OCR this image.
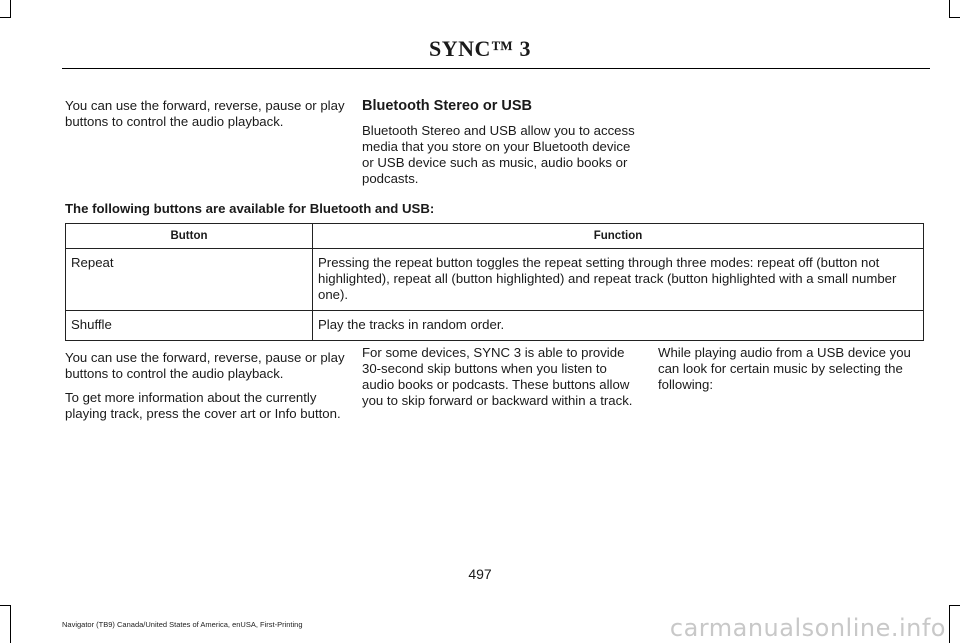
SYNC™ 3

You can use the forward, reverse, pause or play buttons to control the audio playback.

Bluetooth Stereo or USB

Bluetooth Stereo and USB allow you to access media that you store on your Bluetooth device or USB device such as music, audio books or podcasts.

The following buttons are available for Bluetooth and USB:
Button	Function
Repeat	Pressing the repeat button toggles the repeat setting through three modes: repeat off (button not highlighted), repeat all (button highlighted) and repeat track (button highlighted with a small number one).
Shuffle	Play the tracks in random order.

You can use the forward, reverse, pause or play buttons to control the audio playback.

To get more information about the currently playing track, press the cover art or Info button.

For some devices, SYNC 3 is able to provide 30-second skip buttons when you listen to audio books or podcasts. These buttons allow you to skip forward or backward within a track.

While playing audio from a USB device you can look for certain music by selecting the following:

497
Navigator (TB9) Canada/United States of America, enUSA, First-Printing	carmanualsonline.info
